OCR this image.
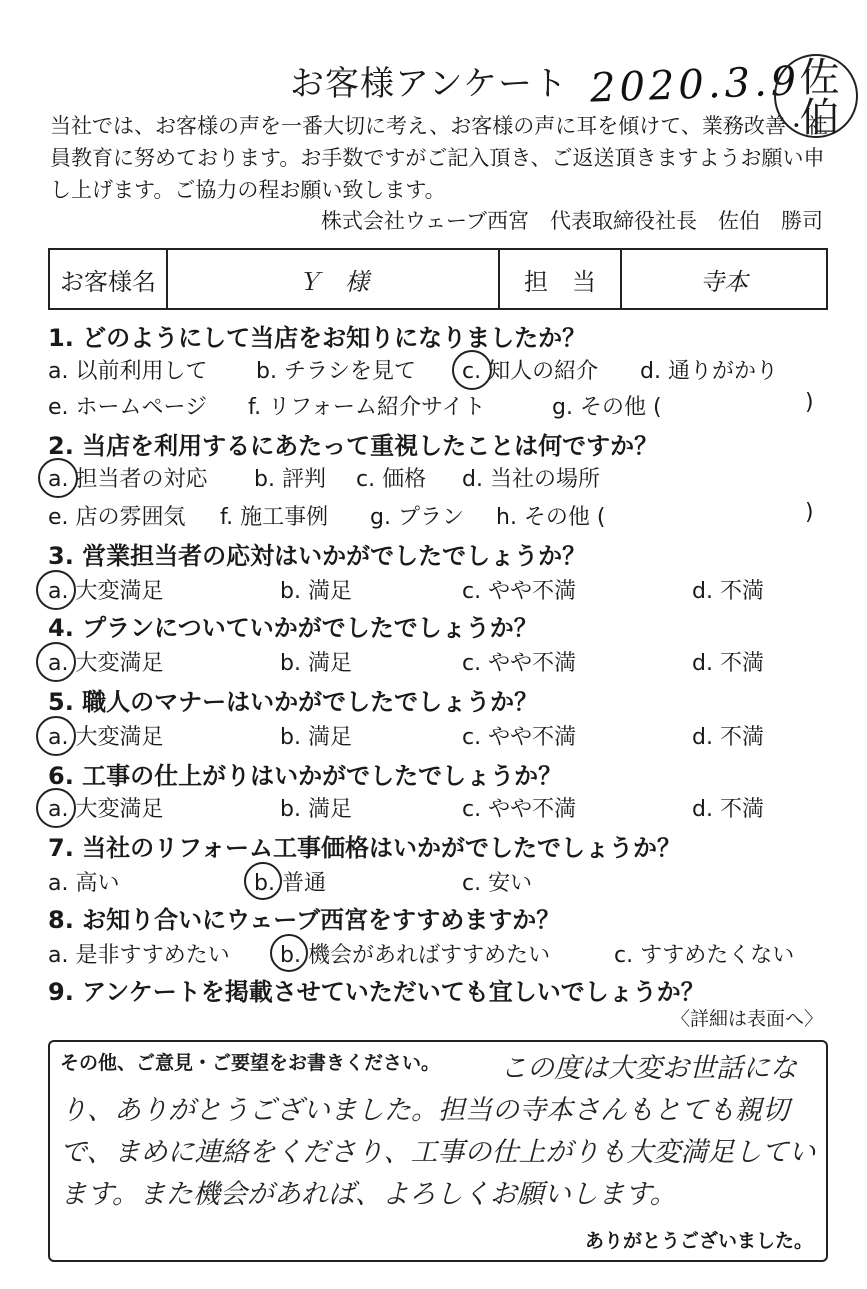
お客様アンケート 2020.3.9
佐伯
当社では、お客様の声を一番大切に考え、お客様の声に耳を傾けて、業務改善・社員教育に努めております。お手数ですがご記入頂き、ご返送頂きますようお願い申し上げます。ご協力の程お願い致します。
株式会社ウェーブ西宮　代表取締役社長　佐伯　勝司
お客様名	Ｙ　様	担　当	寺本
1. どのようにして当店をお知りになりましたか？
a. 以前利用して b. チラシを見て c. 知人の紹介 d. 通りがかり
e. ホームページ f. リフォーム紹介サイト	g. その他 (	)
2. 当店を利用するにあたって重視したことは何ですか？
a. 担当者の対応 b. 評判 c. 価格 d. 当社の場所
e. 店の雰囲気 f. 施工事例 g. プラン h. その他 (	)
3. 営業担当者の応対はいかがでしたでしょうか？
a. 大変満足	b. 満足	c. やや不満	d. 不満
4. プランについていかがでしたでしょうか？
a. 大変満足	b. 満足	c. やや不満	d. 不満
5. 職人のマナーはいかがでしたでしょうか？
a. 大変満足	b. 満足	c. やや不満	d. 不満
6. 工事の仕上がりはいかがでしたでしょうか？
a. 大変満足	b. 満足	c. やや不満	d. 不満
7. 当社のリフォーム工事価格はいかがでしたでしょうか？
a. 高い	b. 普通	c. 安い
8. お知り合いにウェーブ西宮をすすめますか？
a. 是非すすめたい b. 機会があればすすめたい	c. すすめたくない
9. アンケートを掲載させていただいても宜しいでしょうか？
〈詳細は表面へ〉
その他、ご意見・ご要望をお書きください。	この度は大変お世話になり、ありがとうございました。担当の寺本さんもとても親切で、まめに連絡をくださり、工事の仕上がりも大変満足しています。また機会があれば、よろしくお願いします。
ありがとうございました。
